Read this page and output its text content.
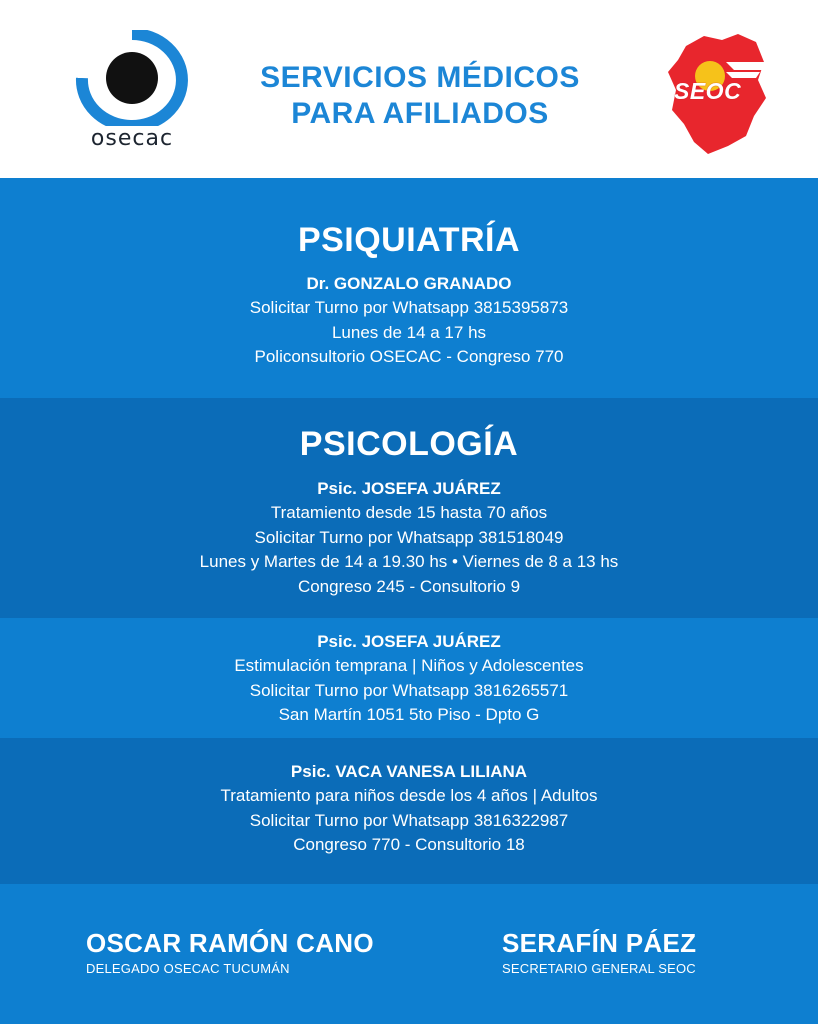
osecac
SERVICIOS MÉDICOS
PARA AFILIADOS
SEOC
PSIQUIATRÍA
Dr. GONZALO GRANADO
Solicitar Turno por Whatsapp 3815395873
Lunes de 14 a 17 hs
Policonsultorio OSECAC - Congreso 770
PSICOLOGÍA
Psic. JOSEFA JUÁREZ
Tratamiento desde 15 hasta 70 años
Solicitar Turno por Whatsapp 381518049
Lunes y Martes de 14 a 19.30 hs • Viernes de 8 a 13 hs
Congreso 245 - Consultorio 9
Psic. JOSEFA JUÁREZ
Estimulación temprana | Niños y Adolescentes
Solicitar Turno por Whatsapp 3816265571
San Martín 1051 5to Piso - Dpto G
Psic. VACA VANESA LILIANA
Tratamiento para niños desde los 4 años | Adultos
Solicitar Turno por Whatsapp 3816322987
Congreso 770 - Consultorio 18
OSCAR RAMÓN CANO
DELEGADO OSECAC TUCUMÁN
SERAFÍN PÁEZ
SECRETARIO GENERAL SEOC
